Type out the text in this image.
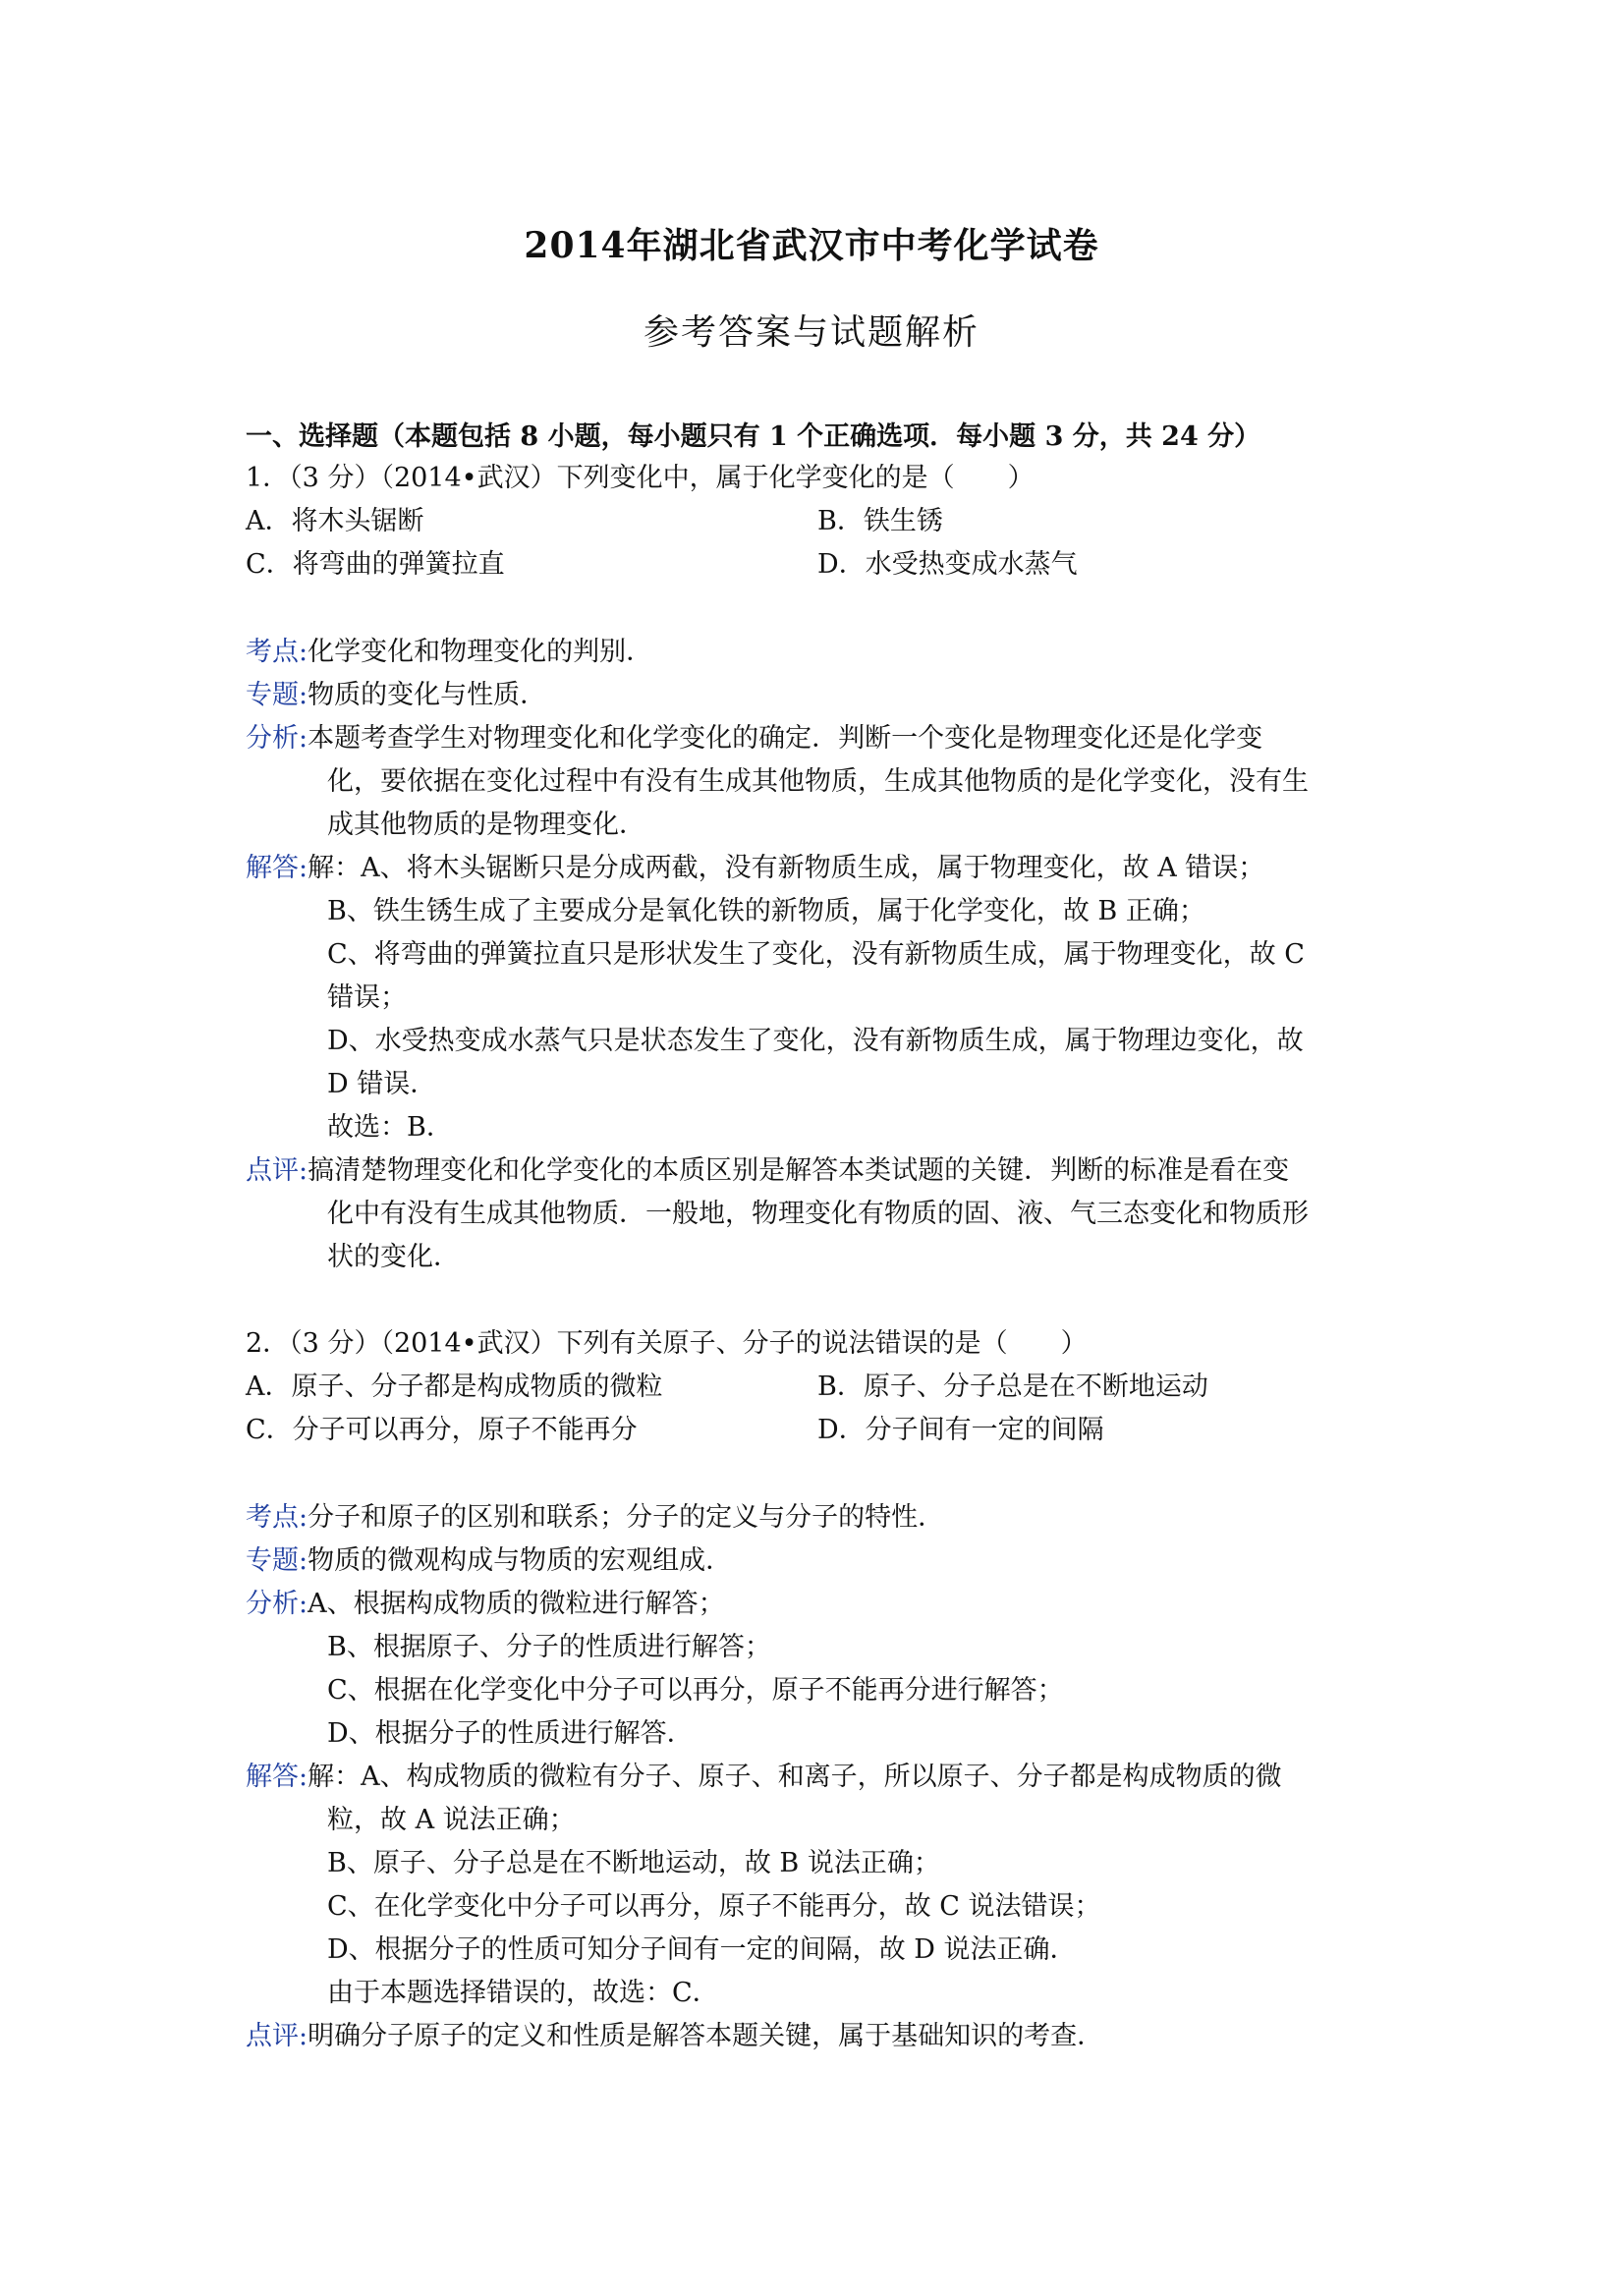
2014年湖北省武汉市中考化学试卷
参考答案与试题解析
一、选择题（本题包括 8 小题，每小题只有 1 个正确选项．每小题 3 分，共 24 分）
1．（3 分）（2014•武汉）下列变化中，属于化学变化的是（　　）
A．将木头锯断	B．铁生锈
C．将弯曲的弹簧拉直	D．水受热变成水蒸气
考点:化学变化和物理变化的判别．
专题:物质的变化与性质．
分析:本题考查学生对物理变化和化学变化的确定．判断一个变化是物理变化还是化学变
化，要依据在变化过程中有没有生成其他物质，生成其他物质的是化学变化，没有生
成其他物质的是物理变化．
解答:解：A、将木头锯断只是分成两截，没有新物质生成，属于物理变化，故 A 错误；
B、铁生锈生成了主要成分是氧化铁的新物质，属于化学变化，故 B 正确；
C、将弯曲的弹簧拉直只是形状发生了变化，没有新物质生成，属于物理变化，故 C
错误；
D、水受热变成水蒸气只是状态发生了变化，没有新物质生成，属于物理边变化，故
D 错误．
故选：B．
点评:搞清楚物理变化和化学变化的本质区别是解答本类试题的关键．判断的标准是看在变
化中有没有生成其他物质．一般地，物理变化有物质的固、液、气三态变化和物质形
状的变化．
2．（3 分）（2014•武汉）下列有关原子、分子的说法错误的是（　　）
A．原子、分子都是构成物质的微粒	B．原子、分子总是在不断地运动
C．分子可以再分，原子不能再分	D．分子间有一定的间隔
考点:分子和原子的区别和联系；分子的定义与分子的特性．
专题:物质的微观构成与物质的宏观组成．
分析:A、根据构成物质的微粒进行解答；
B、根据原子、分子的性质进行解答；
C、根据在化学变化中分子可以再分，原子不能再分进行解答；
D、根据分子的性质进行解答．
解答:解：A、构成物质的微粒有分子、原子、和离子，所以原子、分子都是构成物质的微
粒，故 A 说法正确；
B、原子、分子总是在不断地运动，故 B 说法正确；
C、在化学变化中分子可以再分，原子不能再分，故 C 说法错误；
D、根据分子的性质可知分子间有一定的间隔，故 D 说法正确．
由于本题选择错误的，故选：C．
点评:明确分子原子的定义和性质是解答本题关键，属于基础知识的考查．
